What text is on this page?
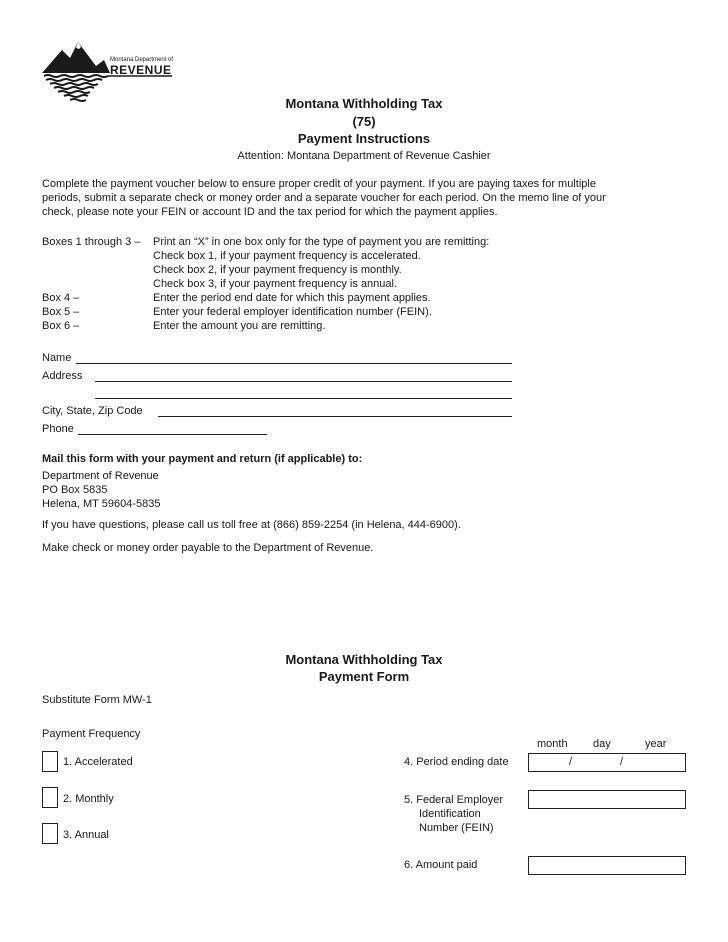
Montana Department of
REVENUE
Montana Withholding Tax
(75)
Payment Instructions
Attention: Montana Department of Revenue Cashier
Complete the payment voucher below to ensure proper credit of your payment. If you are paying taxes for multiple
periods, submit a separate check or money order and a separate voucher for each period. On the memo line of your
check, please note your FEIN or account ID and the tax period for which the payment applies.
Boxes 1 through 3 – Print an “X” in one box only for the type of payment you are remitting:
Check box 1, if your payment frequency is accelerated.
Check box 2, if your payment frequency is monthly.
Check box 3, if your payment frequency is annual.
Box 4 –	Enter the period end date for which this payment applies.
Box 5 –	Enter your federal employer identification number (FEIN).
Box 6 –	Enter the amount you are remitting.
Name
Address
City, State, Zip Code
Phone
Mail this form with your payment and return (if applicable) to:
Department of Revenue
PO Box 5835
Helena, MT 59604-5835
If you have questions, please call us toll free at (866) 859-2254 (in Helena, 444-6900).
Make check or money order payable to the Department of Revenue.
Montana Withholding Tax
Payment Form
Substitute Form MW-1
Payment Frequency
month day	year
1. Accelerated	4. Period ending date	/	/
2. Monthly	5. Federal Employer
Identification
Number (FEIN)
3. Annual
6. Amount paid
